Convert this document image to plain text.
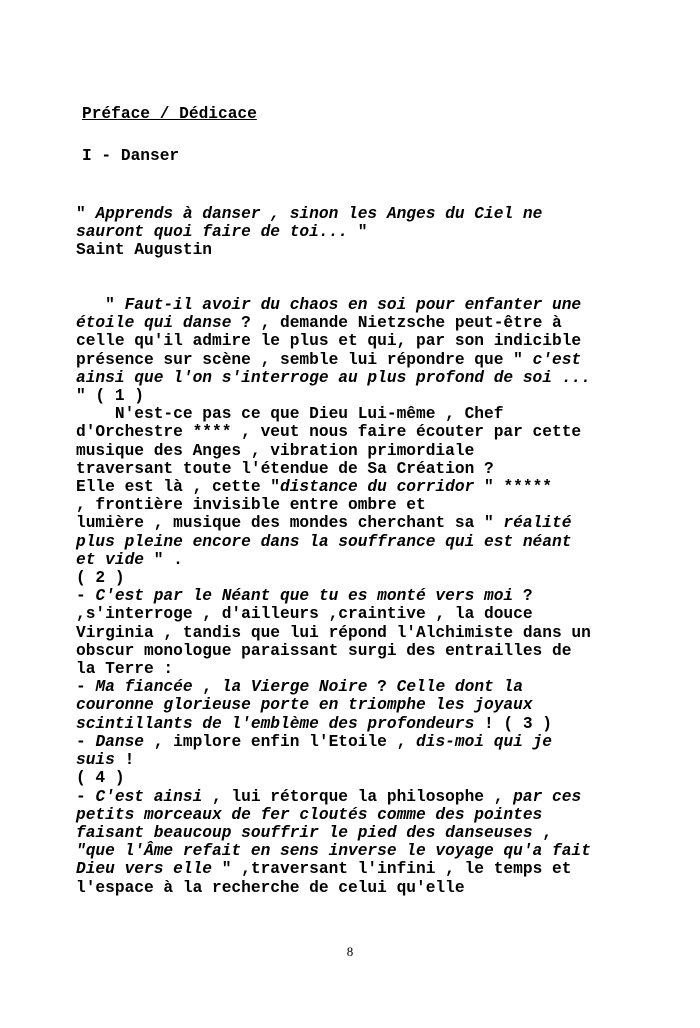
Préface / Dédicace
I - Danser
" Apprends à danser , sinon les Anges du Ciel ne
sauront quoi faire de toi... "
Saint Augustin

" Faut-il avoir du chaos en soi pour enfanter une
étoile qui danse ? , demande Nietzsche peut-être à
celle qu'il admire le plus et qui, par son indicible
présence sur scène , semble lui répondre que " c'est
ainsi que l'on s'interroge au plus profond de soi ...
" ( 1 )
N'est-ce pas ce que Dieu Lui-même , Chef
d'Orchestre **** , veut nous faire écouter par cette
musique des Anges , vibration primordiale
traversant toute l'étendue de Sa Création ?
Elle est là , cette "distance du corridor " *****
, frontière invisible entre ombre et
lumière , musique des mondes cherchant sa " réalité
plus pleine encore dans la souffrance qui est néant
et vide " .
( 2 )
- C'est par le Néant que tu es monté vers moi ?
,s'interroge , d'ailleurs ,craintive , la douce
Virginia , tandis que lui répond l'Alchimiste dans un
obscur monologue paraissant surgi des entrailles de
la Terre :
- Ma fiancée , la Vierge Noire ? Celle dont la
couronne glorieuse porte en triomphe les joyaux
scintillants de l'emblème des profondeurs ! ( 3 )
- Danse , implore enfin l'Etoile , dis-moi qui je
suis !
( 4 )
- C'est ainsi , lui rétorque la philosophe , par ces
petits morceaux de fer cloutés comme des pointes
faisant beaucoup souffrir le pied des danseuses ,
"que l'Âme refait en sens inverse le voyage qu'a fait
Dieu vers elle " ,traversant l'infini , le temps et
l'espace à la recherche de celui qu'elle
8
